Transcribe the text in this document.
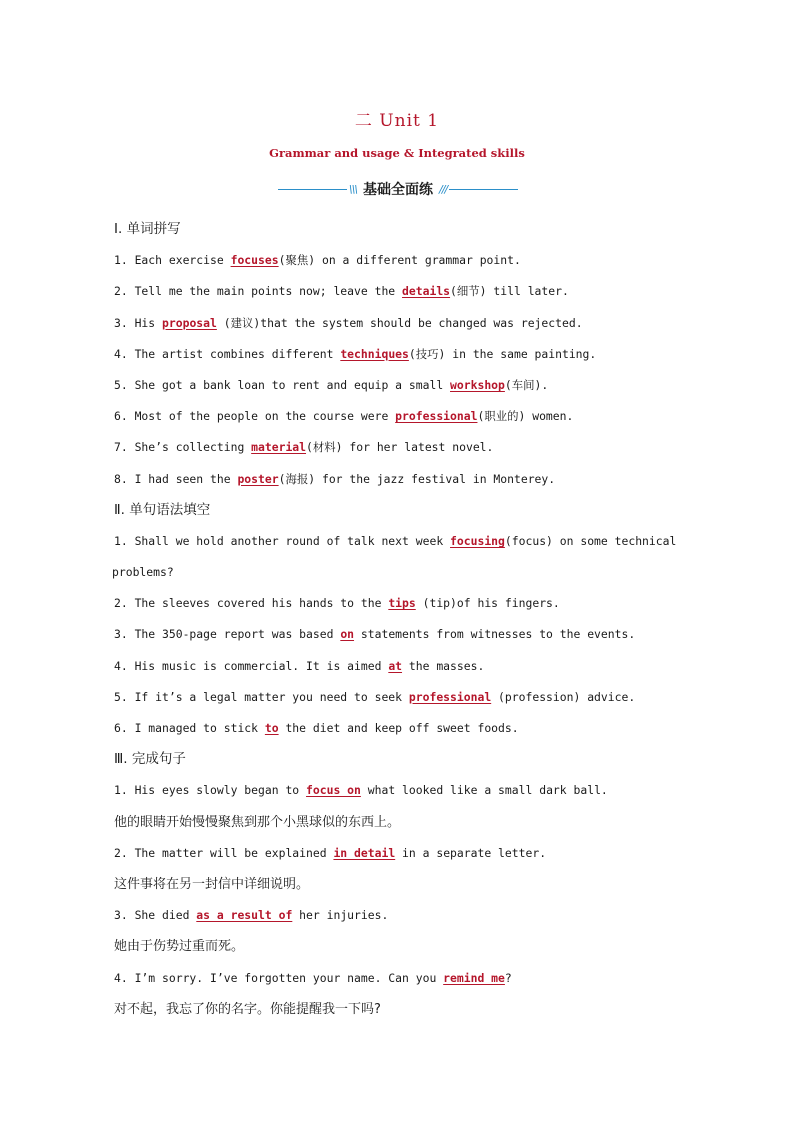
二 Unit 1
Grammar and usage & Integrated skills
\\\ 基础全面练 ///
Ⅰ. 单词拼写
1. Each exercise focuses(聚焦) on a different grammar point.
2. Tell me the main points now; leave the details(细节) till later.
3. His proposal (建议)that the system should be changed was rejected.
4. The artist combines different techniques(技巧) in the same painting.
5. She got a bank loan to rent and equip a small workshop(车间).
6. Most of the people on the course were professional(职业的) women.
7. She’s collecting material(材料) for her latest novel.
8. I had seen the poster(海报) for the jazz festival in Monterey.
Ⅱ. 单句语法填空
1. Shall we hold another round of talk next week focusing(focus) on some technical
problems?
2. The sleeves covered his hands to the tips (tip)of his fingers.
3. The 350-page report was based on statements from witnesses to the events.
4. His music is commercial. It is aimed at the masses.
5. If it’s a legal matter you need to seek professional (profession) advice.
6. I managed to stick to the diet and keep off sweet foods.
Ⅲ. 完成句子
1. His eyes slowly began to focus on what looked like a small dark ball.
他的眼睛开始慢慢聚焦到那个小黑球似的东西上。
2. The matter will be explained in detail in a separate letter.
这件事将在另一封信中详细说明。
3. She died as a result of her injuries.
她由于伤势过重而死。
4. I’m sorry. I’ve forgotten your name. Can you remind me?
对不起，我忘了你的名字。你能提醒我一下吗?
